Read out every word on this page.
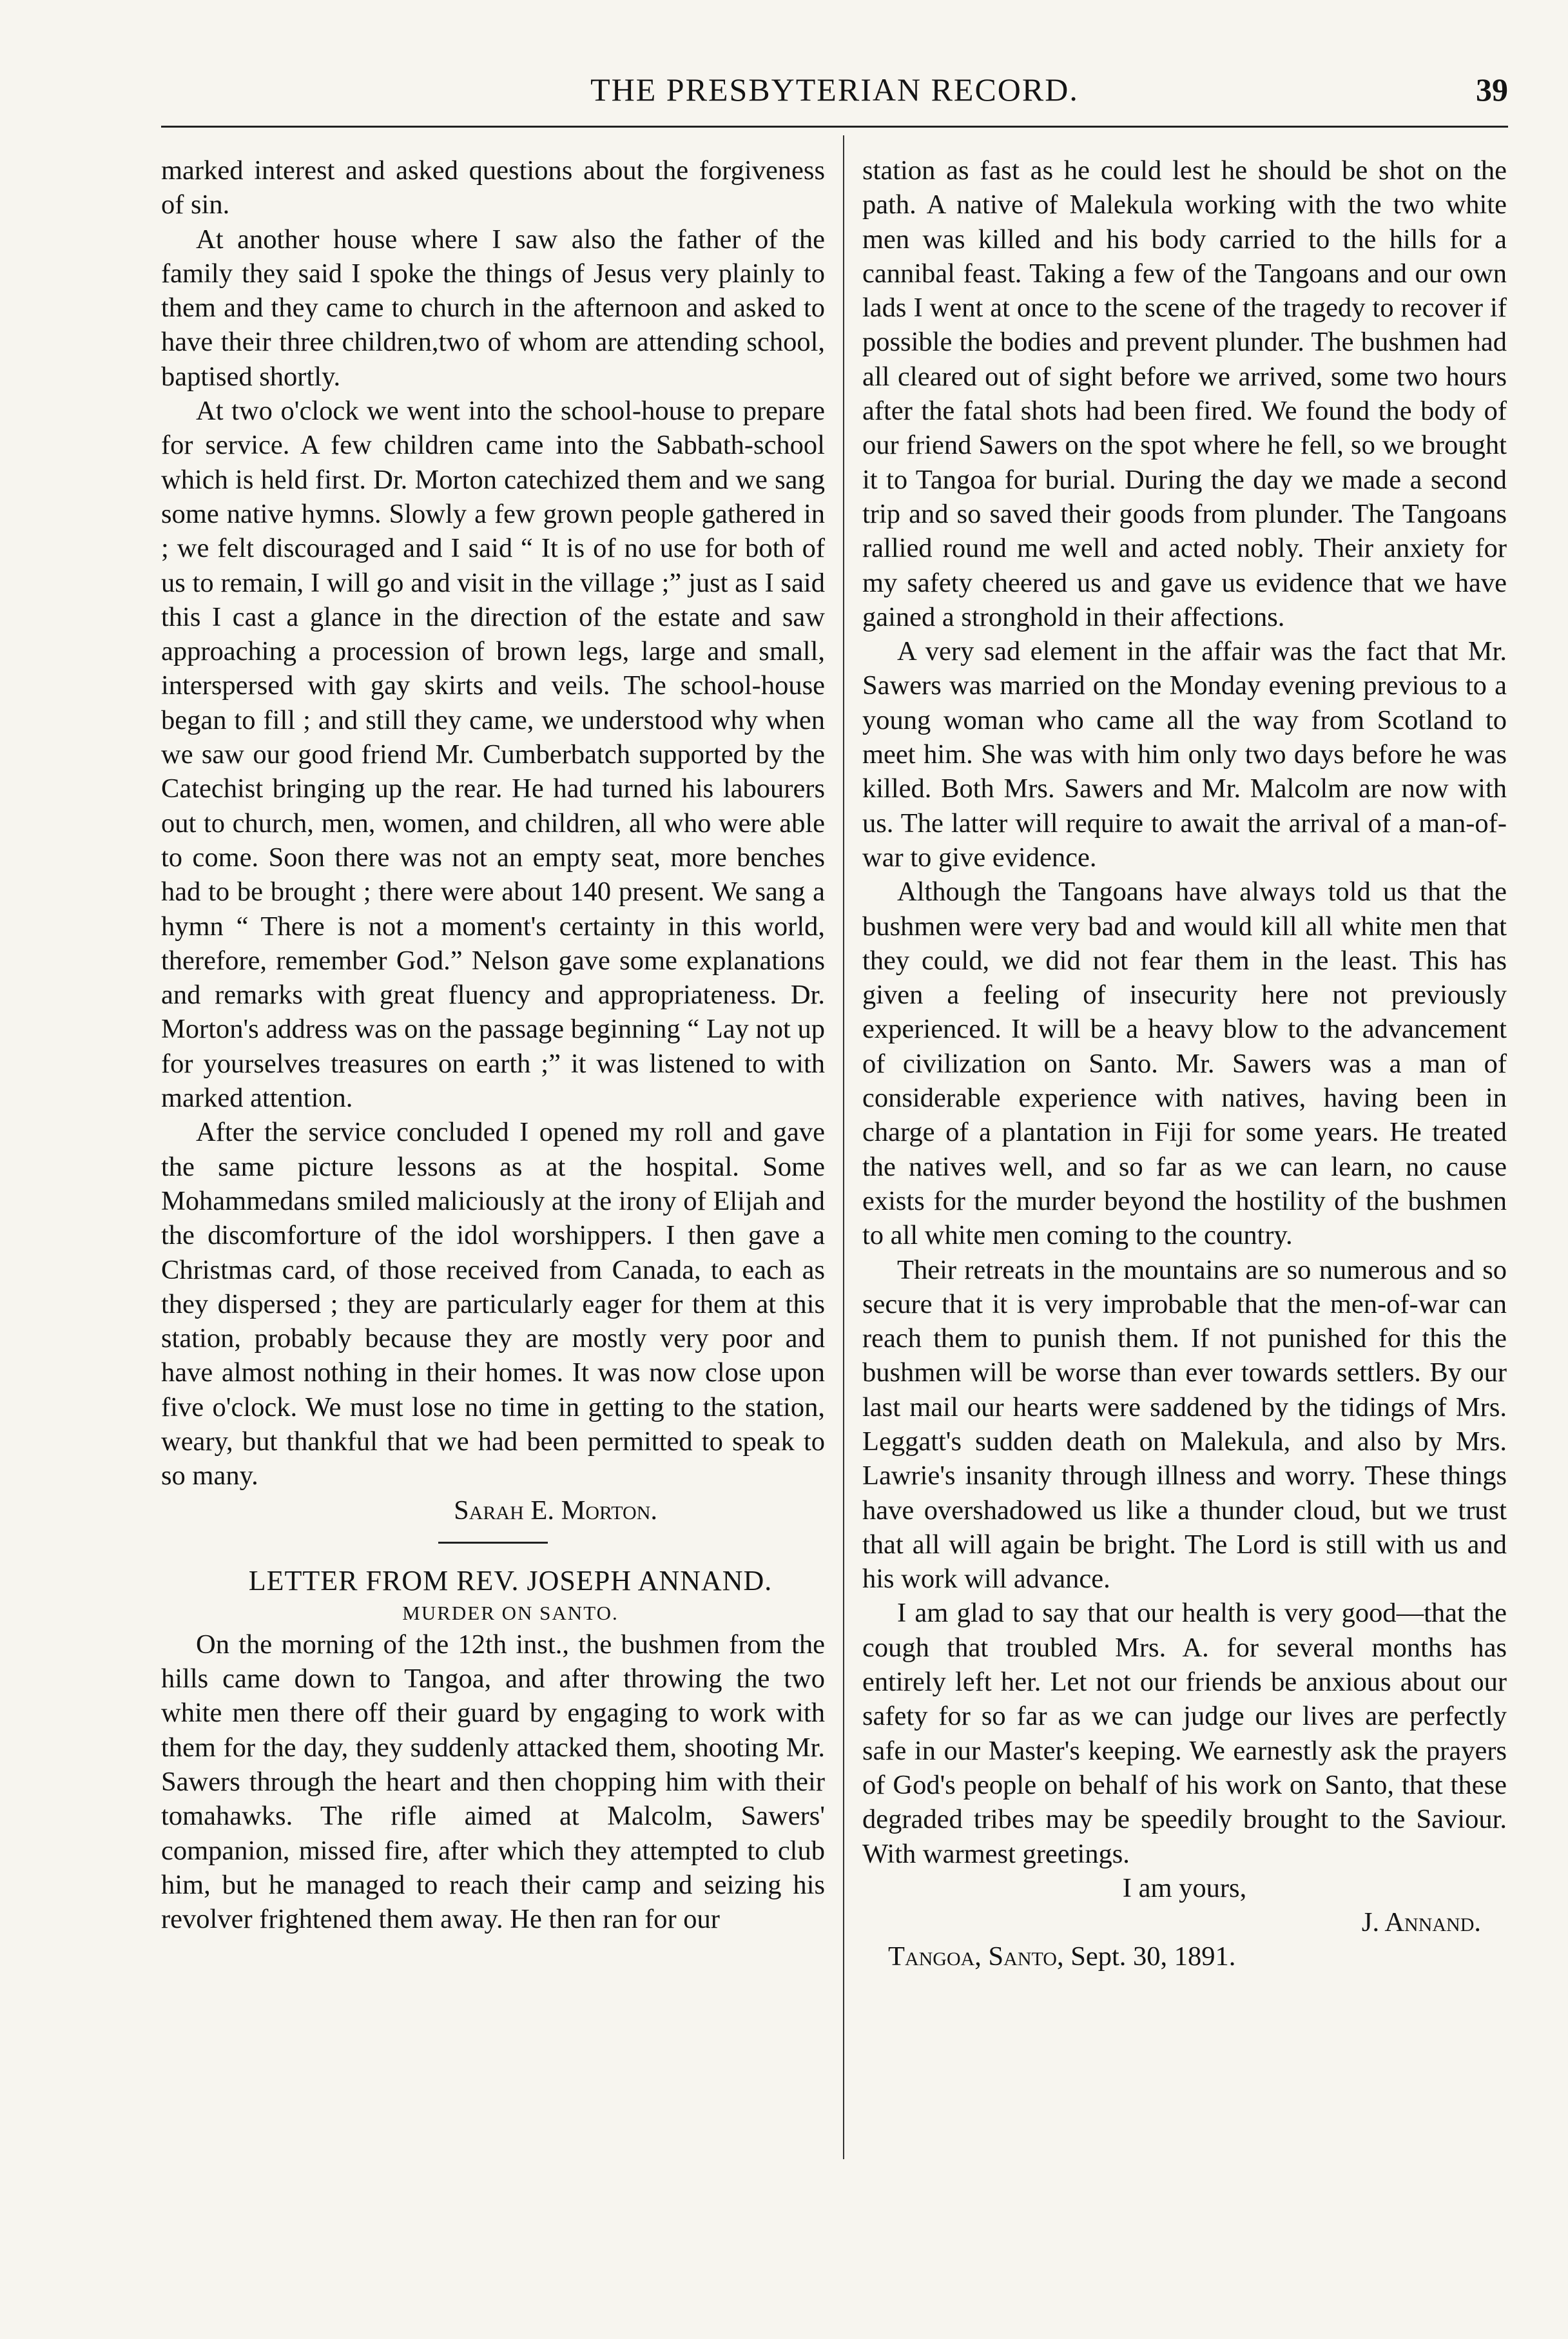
THE PRESBYTERIAN RECORD.	39

marked interest and asked questions about the forgiveness of sin.

At another house where I saw also the father of the family they said I spoke the things of Jesus very plainly to them and they came to church in the afternoon and asked to have their three children,two of whom are attending school, baptised shortly.

At two o'clock we went into the school-house to prepare for service. A few children came into the Sabbath-school which is held first. Dr. Morton catechized them and we sang some native hymns. Slowly a few grown people gathered in ; we felt discouraged and I said “ It is of no use for both of us to remain, I will go and visit in the village ;” just as I said this I cast a glance in the direction of the estate and saw approaching a procession of brown legs, large and small, interspersed with gay skirts and veils. The school-house began to fill ; and still they came, we understood why when we saw our good friend Mr. Cumberbatch supported by the Catechist bringing up the rear. He had turned his labourers out to church, men, women, and children, all who were able to come. Soon there was not an empty seat, more benches had to be brought ; there were about 140 present. We sang a hymn “ There is not a moment's certainty in this world, therefore, remember God.” Nelson gave some explanations and remarks with great fluency and appropriateness. Dr. Morton's address was on the passage beginning “ Lay not up for yourselves treasures on earth ;” it was listened to with marked attention.

After the service concluded I opened my roll and gave the same picture lessons as at the hospital. Some Mohammedans smiled maliciously at the irony of Elijah and the discomforture of the idol worshippers. I then gave a Christmas card, of those received from Canada, to each as they dispersed ; they are particularly eager for them at this station, probably because they are mostly very poor and have almost nothing in their homes. It was now close upon five o'clock. We must lose no time in getting to the station, weary, but thankful that we had been permitted to speak to so many.

Sarah E. Morton.

LETTER FROM REV. JOSEPH ANNAND.

MURDER ON SANTO.

On the morning of the 12th inst., the bushmen from the hills came down to Tangoa, and after throwing the two white men there off their guard by engaging to work with them for the day, they suddenly attacked them, shooting Mr. Sawers through the heart and then chopping him with their tomahawks. The rifle aimed at Malcolm, Sawers' companion, missed fire, after which they attempted to club him, but he managed to reach their camp and seizing his revolver frightened them away. He then ran for our

station as fast as he could lest he should be shot on the path. A native of Malekula working with the two white men was killed and his body carried to the hills for a cannibal feast. Taking a few of the Tangoans and our own lads I went at once to the scene of the tragedy to recover if possible the bodies and prevent plunder. The bushmen had all cleared out of sight before we arrived, some two hours after the fatal shots had been fired. We found the body of our friend Sawers on the spot where he fell, so we brought it to Tangoa for burial. During the day we made a second trip and so saved their goods from plunder. The Tangoans rallied round me well and acted nobly. Their anxiety for my safety cheered us and gave us evidence that we have gained a stronghold in their affections.

A very sad element in the affair was the fact that Mr. Sawers was married on the Monday evening previous to a young woman who came all the way from Scotland to meet him. She was with him only two days before he was killed. Both Mrs. Sawers and Mr. Malcolm are now with us. The latter will require to await the arrival of a man-of-war to give evidence.

Although the Tangoans have always told us that the bushmen were very bad and would kill all white men that they could, we did not fear them in the least. This has given a feeling of insecurity here not previously experienced. It will be a heavy blow to the advancement of civilization on Santo. Mr. Sawers was a man of considerable experience with natives, having been in charge of a plantation in Fiji for some years. He treated the natives well, and so far as we can learn, no cause exists for the murder beyond the hostility of the bushmen to all white men coming to the country.

Their retreats in the mountains are so numerous and so secure that it is very improbable that the men-of-war can reach them to punish them. If not punished for this the bushmen will be worse than ever towards settlers. By our last mail our hearts were saddened by the tidings of Mrs. Leggatt's sudden death on Malekula, and also by Mrs. Lawrie's insanity through illness and worry. These things have overshadowed us like a thunder cloud, but we trust that all will again be bright. The Lord is still with us and his work will advance.

I am glad to say that our health is very good—that the cough that troubled Mrs. A. for several months has entirely left her. Let not our friends be anxious about our safety for so far as we can judge our lives are perfectly safe in our Master's keeping. We earnestly ask the prayers of God's people on behalf of his work on Santo, that these degraded tribes may be speedily brought to the Saviour. With warmest greetings.

I am yours,

J. Annand.

Tangoa, Santo, Sept. 30, 1891.
